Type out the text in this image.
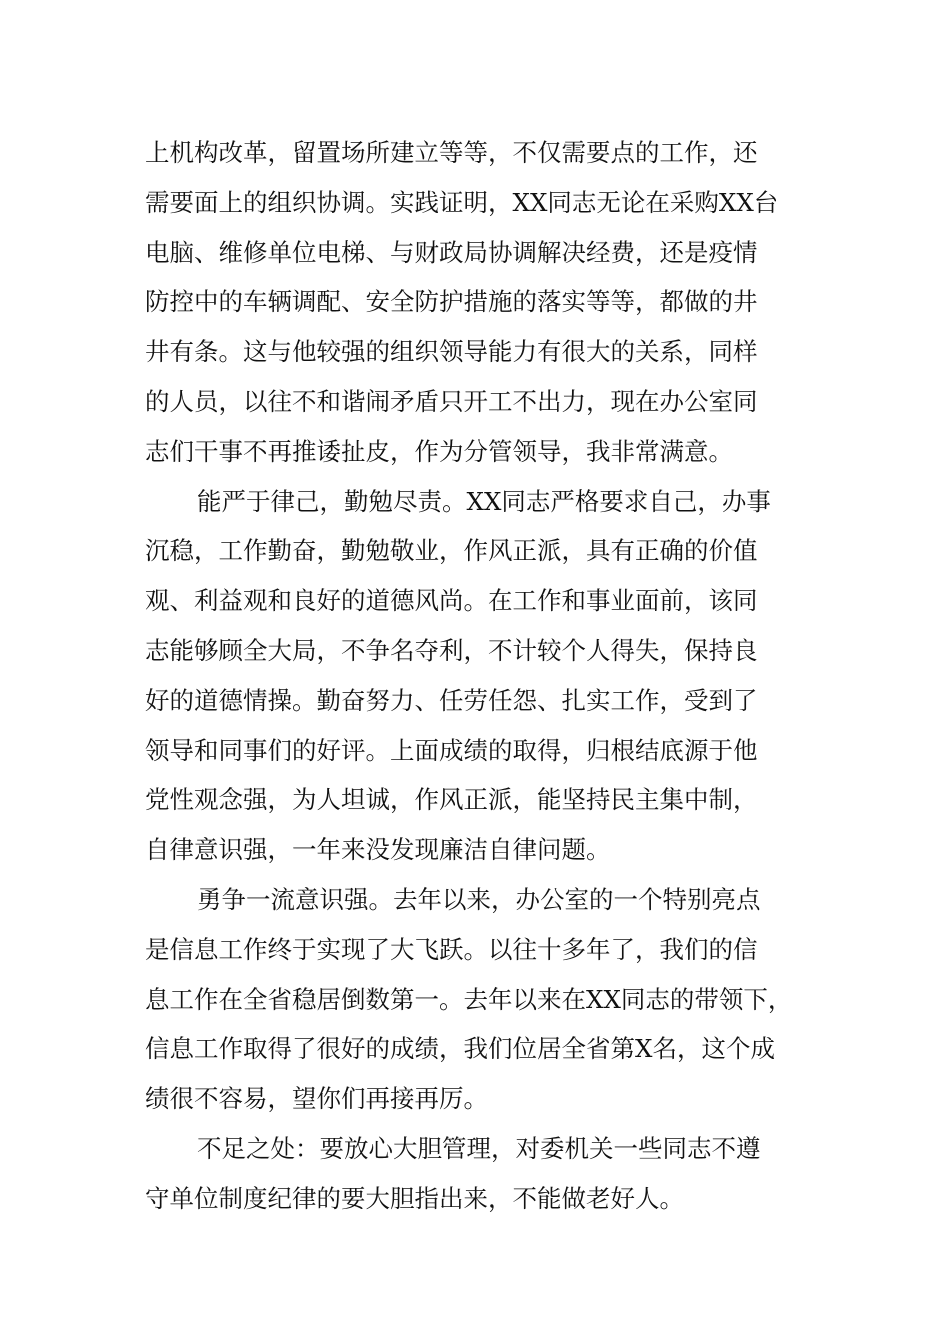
上机构改革，留置场所建立等等，不仅需要点的工作，还
需要面上的组织协调。实践证明，XX同志无论在采购XX台
电脑、维修单位电梯、与财政局协调解决经费，还是疫情
防控中的车辆调配、安全防护措施的落实等等，都做的井
井有条。这与他较强的组织领导能力有很大的关系，同样
的人员，以往不和谐闹矛盾只开工不出力，现在办公室同
志们干事不再推诿扯皮，作为分管领导，我非常满意。
能严于律己，勤勉尽责。XX同志严格要求自己，办事
沉稳，工作勤奋，勤勉敬业，作风正派，具有正确的价值
观、利益观和良好的道德风尚。在工作和事业面前，该同
志能够顾全大局，不争名夺利，不计较个人得失，保持良
好的道德情操。勤奋努力、任劳任怨、扎实工作，受到了
领导和同事们的好评。上面成绩的取得，归根结底源于他
党性观念强，为人坦诚，作风正派，能坚持民主集中制，
自律意识强，一年来没发现廉洁自律问题。
勇争一流意识强。去年以来，办公室的一个特别亮点
是信息工作终于实现了大飞跃。以往十多年了，我们的信
息工作在全省稳居倒数第一。去年以来在XX同志的带领下，
信息工作取得了很好的成绩，我们位居全省第X名，这个成
绩很不容易，望你们再接再厉。
不足之处：要放心大胆管理，对委机关一些同志不遵
守单位制度纪律的要大胆指出来，不能做老好人。
